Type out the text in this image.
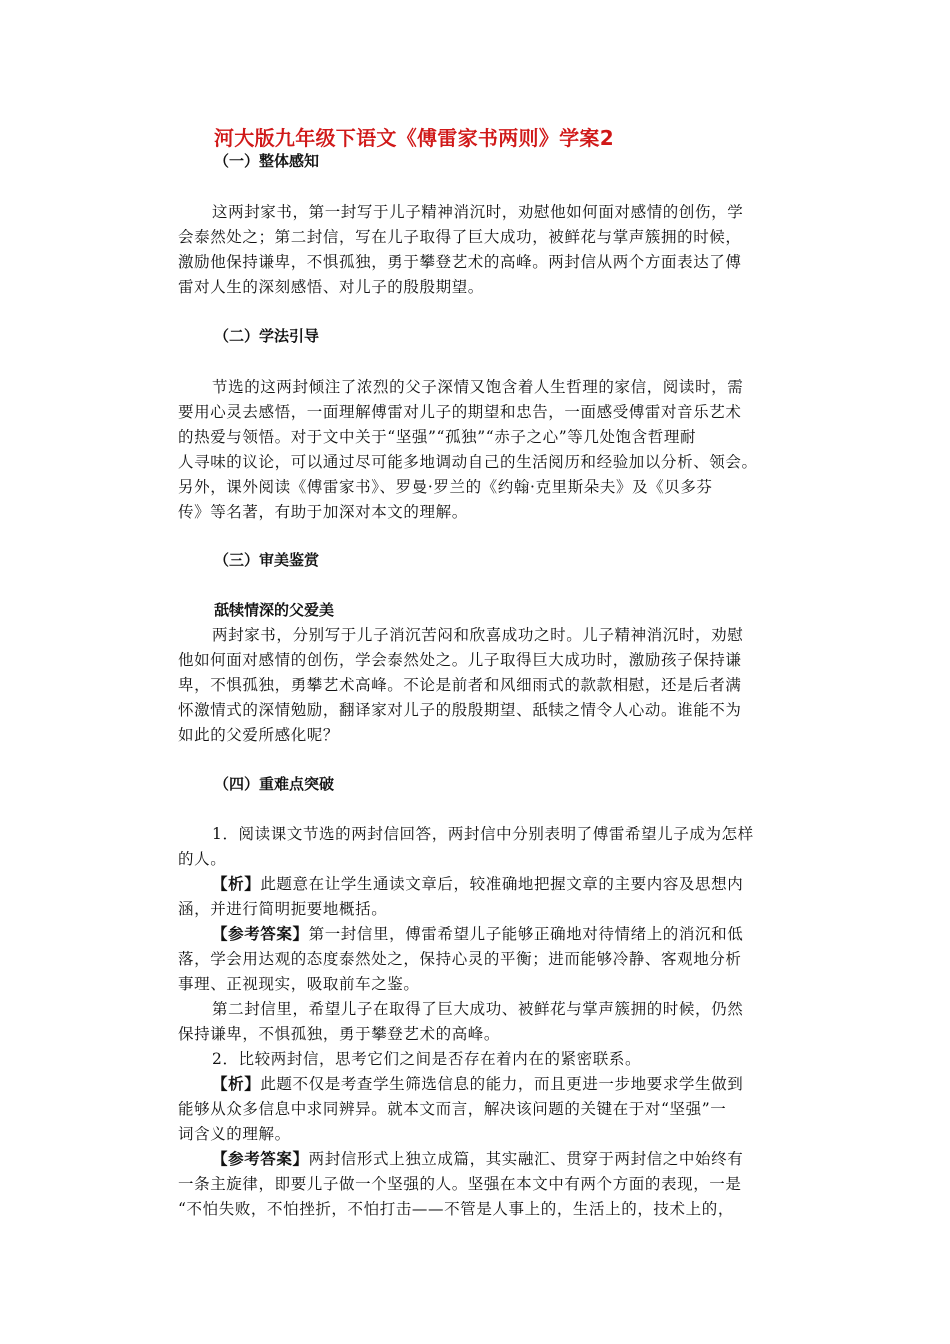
河大版九年级下语文《傅雷家书两则》学案2
（一）整体感知

这两封家书，第一封写于儿子精神消沉时，劝慰他如何面对感情的创伤，学
会泰然处之；第二封信，写在儿子取得了巨大成功，被鲜花与掌声簇拥的时候，
激励他保持谦卑，不惧孤独，勇于攀登艺术的高峰。两封信从两个方面表达了傅
雷对人生的深刻感悟、对儿子的殷殷期望。

（二）学法引导

节选的这两封倾注了浓烈的父子深情又饱含着人生哲理的家信，阅读时，需
要用心灵去感悟，一面理解傅雷对儿子的期望和忠告，一面感受傅雷对音乐艺术
的热爱与领悟。对于文中关于“坚强”“孤独”“赤子之心”等几处饱含哲理耐
人寻味的议论，可以通过尽可能多地调动自己的生活阅历和经验加以分析、领会。
另外，课外阅读《傅雷家书》、罗曼·罗兰的《约翰·克里斯朵夫》及《贝多芬
传》等名著，有助于加深对本文的理解。

（三）审美鉴赏
舐犊情深的父爱美

两封家书，分别写于儿子消沉苦闷和欣喜成功之时。儿子精神消沉时，劝慰
他如何面对感情的创伤，学会泰然处之。儿子取得巨大成功时，激励孩子保持谦
卑，不惧孤独，勇攀艺术高峰。不论是前者和风细雨式的款款相慰，还是后者满
怀激情式的深情勉励，翻译家对儿子的殷殷期望、舐犊之情令人心动。谁能不为
如此的父爱所感化呢？

（四）重难点突破
1．阅读课文节选的两封信回答，两封信中分别表明了傅雷希望儿子成为怎样
的人。
【析】此题意在让学生通读文章后，较准确地把握文章的主要内容及思想内
涵，并进行简明扼要地概括。
【参考答案】第一封信里，傅雷希望儿子能够正确地对待情绪上的消沉和低
落，学会用达观的态度泰然处之，保持心灵的平衡；进而能够冷静、客观地分析
事理、正视现实，吸取前车之鉴。
第二封信里，希望儿子在取得了巨大成功、被鲜花与掌声簇拥的时候，仍然
保持谦卑，不惧孤独，勇于攀登艺术的高峰。
2．比较两封信，思考它们之间是否存在着内在的紧密联系。
【析】此题不仅是考查学生筛选信息的能力，而且更进一步地要求学生做到
能够从众多信息中求同辨异。就本文而言，解决该问题的关键在于对“坚强”一
词含义的理解。
【参考答案】两封信形式上独立成篇，其实融汇、贯穿于两封信之中始终有
一条主旋律，即要儿子做一个坚强的人。坚强在本文中有两个方面的表现，一是
“不怕失败，不怕挫折，不怕打击——不管是人事上的，生活上的，技术上的，
